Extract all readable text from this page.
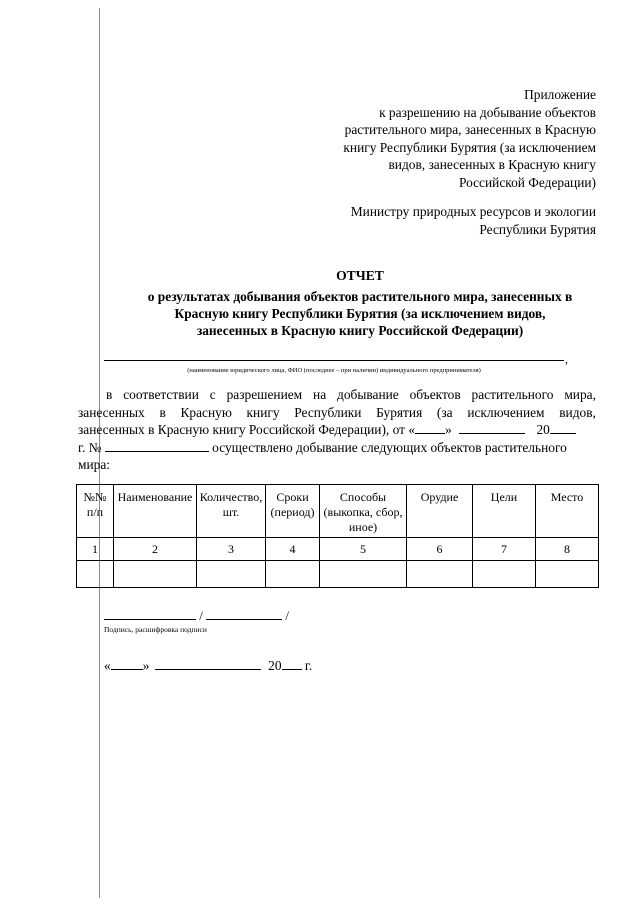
Приложение
к разрешению на добывание объектов
растительного мира, занесенных в Красную
книгу Республики Бурятия (за исключением
видов, занесенных в Красную книгу
Российской Федерации)
Министру природных ресурсов и экологии
Республики Бурятия
ОТЧЕТ
о результатах добывания объектов растительного мира, занесенных в
Красную книгу Республики Бурятия (за исключением видов,
занесенных в Красную книгу Российской Федерации)
,
(наименование юридического лица, ФИО (последнее – при наличии) индивидуального предпринимателя)
в соответствии с разрешением на добывание объектов растительного мира,
занесенных в Красную книгу Республики Бурятия (за исключением видов,
занесенных в Красную книгу Российской Федерации), от « »	20
г. №	осуществлено добывание следующих объектов растительного
мира:
№№ п/п	Наименование	Количество, шт.	Сроки (период)	Способы (выкопка, сбор, иное)	Орудие	Цели	Место
1	2	3	4	5	6	7	8

/	/
Подпись, расшифровка подписи
« »	20 г.
